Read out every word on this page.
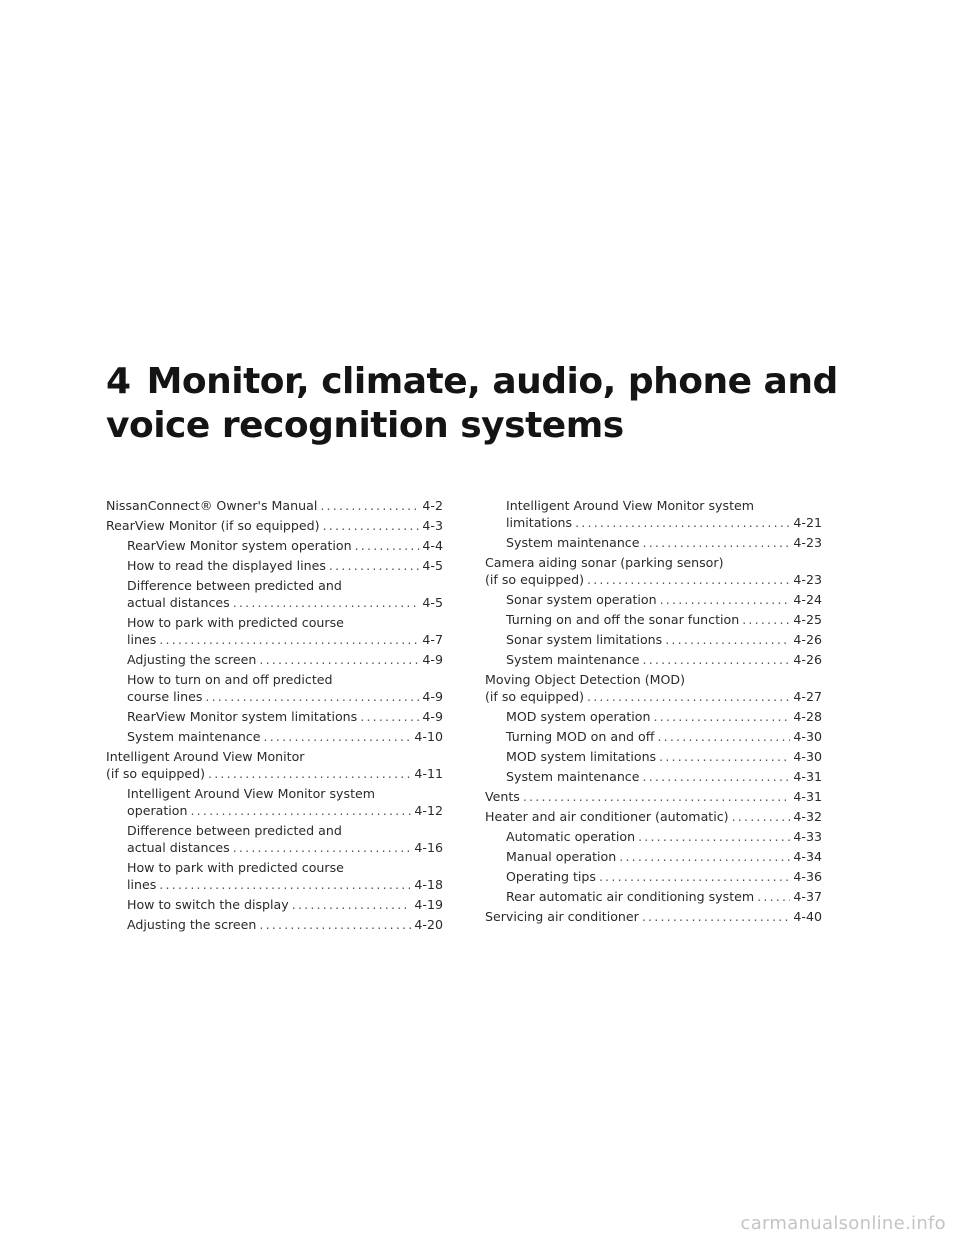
4 Monitor, climate, audio, phone and
voice recognition systems
NissanConnect® Owner's Manual .....	4-2
RearView Monitor (if so equipped) .....	4-3
RearView Monitor system operation .....	4-4
How to read the displayed lines .....	4-5
Difference between predicted and
actual distances .....	4-5
How to park with predicted course
lines .....	4-7
Adjusting the screen .....	4-9
How to turn on and off predicted
course lines .....	4-9
RearView Monitor system limitations .....	4-9
System maintenance .....	4-10
Intelligent Around View Monitor
(if so equipped) .....	4-11
Intelligent Around View Monitor system
operation .....	4-12
Difference between predicted and
actual distances .....	4-16
How to park with predicted course
lines .....	4-18
How to switch the display .....	4-19
Adjusting the screen .....	4-20
Intelligent Around View Monitor system
limitations .....	4-21
System maintenance .....	4-23
Camera aiding sonar (parking sensor)
(if so equipped) .....	4-23
Sonar system operation .....	4-24
Turning on and off the sonar function .....	4-25
Sonar system limitations .....	4-26
System maintenance .....	4-26
Moving Object Detection (MOD)
(if so equipped) .....	4-27
MOD system operation .....	4-28
Turning MOD on and off .....	4-30
MOD system limitations .....	4-30
System maintenance .....	4-31
Vents .....	4-31
Heater and air conditioner (automatic) .....	4-32
Automatic operation .....	4-33
Manual operation .....	4-34
Operating tips .....	4-36
Rear automatic air conditioning system .....	4-37
Servicing air conditioner .....	4-40
carmanualsonline.info
